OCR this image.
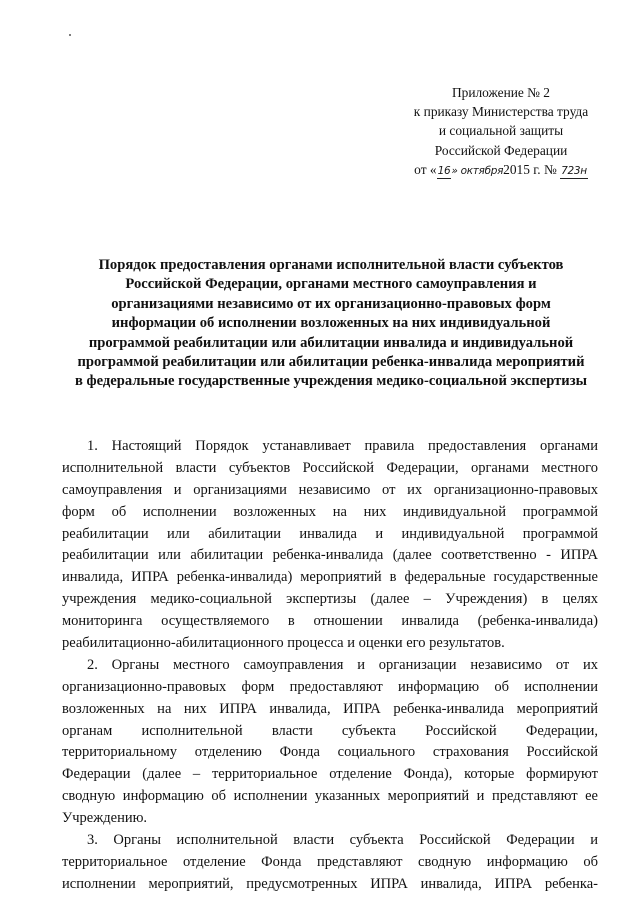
Приложение № 2
к приказу Министерства труда
и социальной защиты
Российской Федерации
от «16» октября2015 г. № 723н
Порядок предоставления органами исполнительной власти субъектов
Российской Федерации, органами местного самоуправления и
организациями независимо от их организационно-правовых форм
информации об исполнении возложенных на них индивидуальной
программой реабилитации или абилитации инвалида и индивидуальной
программой реабилитации или абилитации ребенка-инвалида мероприятий
в федеральные государственные учреждения медико-социальной экспертизы
1. Настоящий Порядок устанавливает правила предоставления органами
исполнительной власти субъектов Российской Федерации, органами местного
самоуправления и организациями независимо от их организационно-правовых
форм об исполнении возложенных на них индивидуальной программой
реабилитации или абилитации инвалида и индивидуальной программой
реабилитации или абилитации ребенка-инвалида (далее соответственно - ИПРА
инвалида, ИПРА ребенка-инвалида) мероприятий в федеральные государственные
учреждения медико-социальной экспертизы (далее – Учреждения) в целях
мониторинга осуществляемого в отношении инвалида (ребенка-инвалида)
реабилитационно-абилитационного процесса и оценки его результатов.
2. Органы местного самоуправления и организации независимо от их
организационно-правовых форм предоставляют информацию об исполнении
возложенных на них ИПРА инвалида, ИПРА ребенка-инвалида мероприятий
органам исполнительной власти субъекта Российской Федерации,
территориальному отделению Фонда социального страхования Российской
Федерации (далее – территориальное отделение Фонда), которые формируют
сводную информацию об исполнении указанных мероприятий и представляют ее
Учреждению.
3. Органы исполнительной власти субъекта Российской Федерации и
территориальное отделение Фонда представляют сводную информацию об
исполнении мероприятий, предусмотренных ИПРА инвалида, ИПРА ребенка-
